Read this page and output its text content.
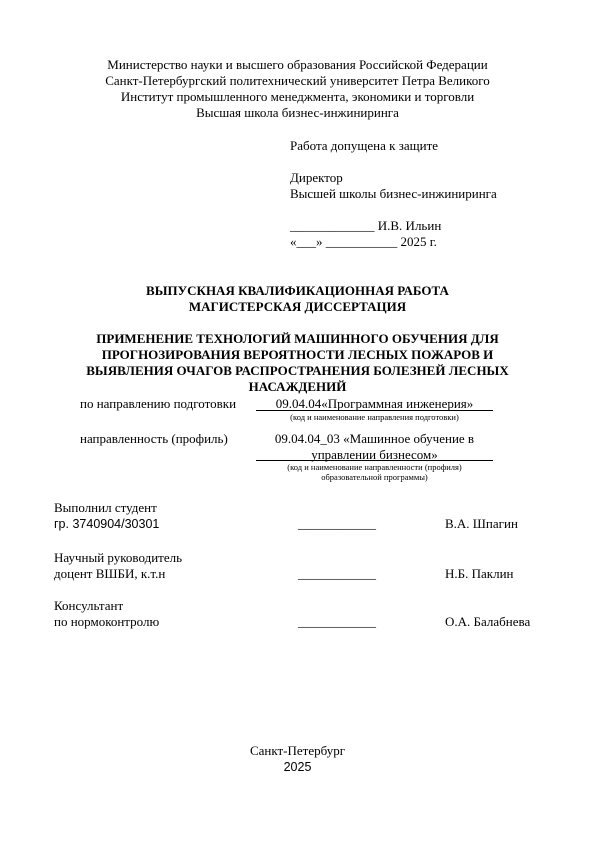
Министерство науки и высшего образования Российской Федерации
Санкт-Петербургский политехнический университет Петра Великого
Институт промышленного менеджмента, экономики и торговли
Высшая школа бизнес-инжиниринга
Работа допущена к защите
Директор
Высшей школы бизнес-инжиниринга
_____________ И.В. Ильин
«___» ___________ 2025 г.
ВЫПУСКНАЯ КВАЛИФИКАЦИОННАЯ РАБОТА
МАГИСТЕРСКАЯ ДИССЕРТАЦИЯ
ПРИМЕНЕНИЕ ТЕХНОЛОГИЙ МАШИННОГО ОБУЧЕНИЯ ДЛЯ
ПРОГНОЗИРОВАНИЯ ВЕРОЯТНОСТИ ЛЕСНЫХ ПОЖАРОВ И
ВЫЯВЛЕНИЯ ОЧАГОВ РАСПРОСТРАНЕНИЯ БОЛЕЗНЕЙ ЛЕСНЫХ
НАСАЖДЕНИЙ
по направлению подготовки	09.04.04«Программная инженерия»
(код и наименование направления подготовки)
направленность (профиль)	09.04.04_03 «Машинное обучение в
управлении бизнесом»
(код и наименование направленности (профиля)
образовательной программы)
Выполнил студент
гр. 3740904/30301	____________	В.А. Шпагин
Научный руководитель
доцент ВШБИ, к.т.н	____________	Н.Б. Паклин
Консультант
по нормоконтролю	____________	О.А. Балабнева
Санкт-Петербург
2025
